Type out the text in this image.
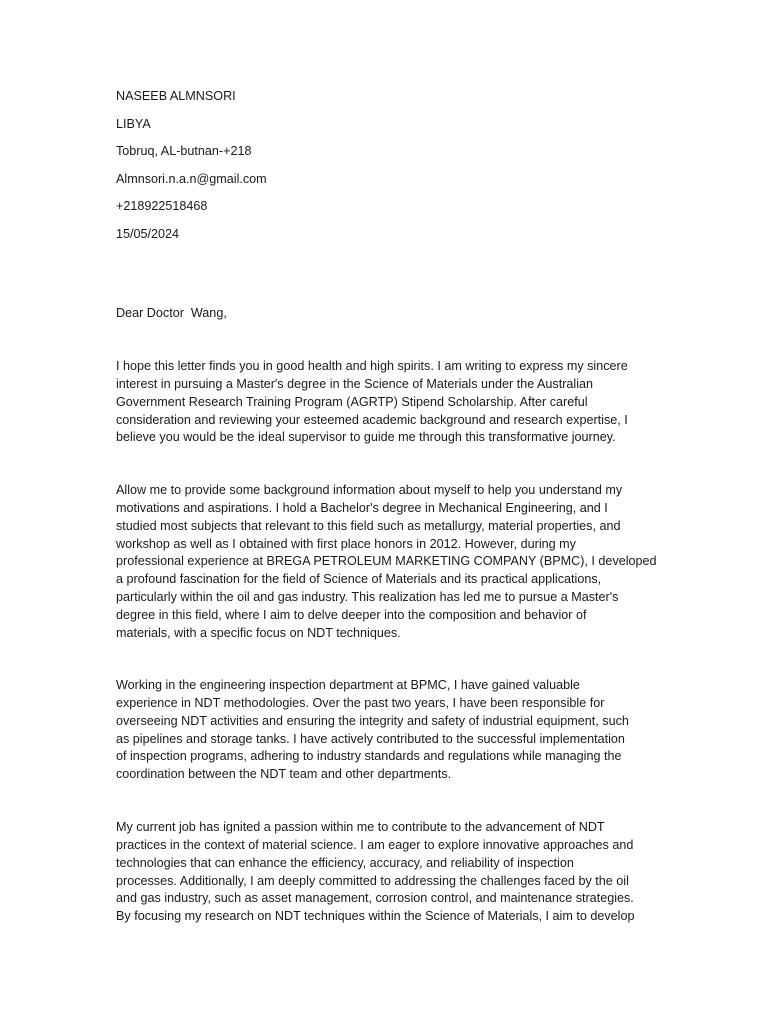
NASEEB ALMNSORI
LIBYA
Tobruq, AL-butnan-+218
Almnsori.n.a.n@gmail.com
+218922518468
15/05/2024
Dear Doctor  Wang,

I hope this letter finds you in good health and high spirits. I am writing to express my sincere
interest in pursuing a Master's degree in the Science of Materials under the Australian
Government Research Training Program (AGRTP) Stipend Scholarship. After careful
consideration and reviewing your esteemed academic background and research expertise, I
believe you would be the ideal supervisor to guide me through this transformative journey.

Allow me to provide some background information about myself to help you understand my
motivations and aspirations. I hold a Bachelor's degree in Mechanical Engineering, and I
studied most subjects that relevant to this field such as metallurgy, material properties, and
workshop as well as I obtained with first place honors in 2012. However, during my
professional experience at BREGA PETROLEUM MARKETING COMPANY (BPMC), I developed
a profound fascination for the field of Science of Materials and its practical applications,
particularly within the oil and gas industry. This realization has led me to pursue a Master's
degree in this field, where I aim to delve deeper into the composition and behavior of
materials, with a specific focus on NDT techniques.

Working in the engineering inspection department at BPMC, I have gained valuable
experience in NDT methodologies. Over the past two years, I have been responsible for
overseeing NDT activities and ensuring the integrity and safety of industrial equipment, such
as pipelines and storage tanks. I have actively contributed to the successful implementation
of inspection programs, adhering to industry standards and regulations while managing the
coordination between the NDT team and other departments.

My current job has ignited a passion within me to contribute to the advancement of NDT
practices in the context of material science. I am eager to explore innovative approaches and
technologies that can enhance the efficiency, accuracy, and reliability of inspection
processes. Additionally, I am deeply committed to addressing the challenges faced by the oil
and gas industry, such as asset management, corrosion control, and maintenance strategies.
By focusing my research on NDT techniques within the Science of Materials, I aim to develop
